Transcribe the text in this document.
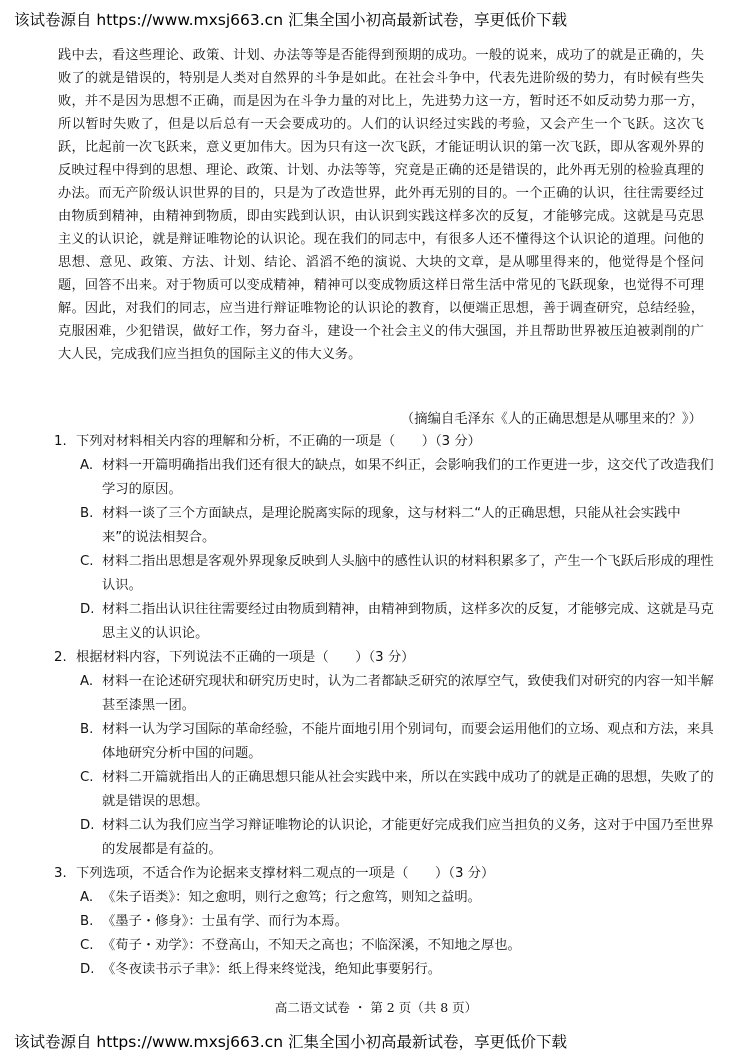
该试卷源自 https://www.mxsj663.cn 汇集全国小初高最新试卷，享更低价下载

践中去，看这些理论、政策、计划、办法等等是否能得到预期的成功。一般的说来，成功了的就是正确的，失败了的就是错误的，特别是人类对自然界的斗争是如此。在社会斗争中，代表先进阶级的势力，有时候有些失败，并不是因为思想不正确，而是因为在斗争力量的对比上，先进势力这一方，暂时还不如反动势力那一方，所以暂时失败了，但是以后总有一天会要成功的。人们的认识经过实践的考验，又会产生一个飞跃。这次飞跃，比起前一次飞跃来，意义更加伟大。因为只有这一次飞跃，才能证明认识的第一次飞跃，即从客观外界的反映过程中得到的思想、理论、政策、计划、办法等等，究竟是正确的还是错误的，此外再无别的检验真理的办法。而无产阶级认识世界的目的，只是为了改造世界，此外再无别的目的。一个正确的认识，往往需要经过由物质到精神，由精神到物质，即由实践到认识，由认识到实践这样多次的反复，才能够完成。这就是马克思主义的认识论，就是辩证唯物论的认识论。现在我们的同志中，有很多人还不懂得这个认识论的道理。问他的思想、意见、政策、方法、计划、结论、滔滔不绝的演说、大块的文章，是从哪里得来的，他觉得是个怪问题，回答不出来。对于物质可以变成精神，精神可以变成物质这样日常生活中常见的飞跃现象，也觉得不可理解。因此，对我们的同志，应当进行辩证唯物论的认识论的教育，以便端正思想，善于调查研究，总结经验，克服困难，少犯错误，做好工作，努力奋斗，建设一个社会主义的伟大强国，并且帮助世界被压迫被剥削的广大人民，完成我们应当担负的国际主义的伟大义务。

（摘编自毛泽东《人的正确思想是从哪里来的？》）
1. 下列对材料相关内容的理解和分析，不正确的一项是（　　）（3 分）
A. 材料一开篇明确指出我们还有很大的缺点，如果不纠正，会影响我们的工作更进一步，这交代了改造我们学习的原因。
B. 材料一谈了三个方面缺点，是理论脱离实际的现象，这与材料二“人的正确思想，只能从社会实践中来”的说法相契合。
C. 材料二指出思想是客观外界现象反映到人头脑中的感性认识的材料积累多了，产生一个飞跃后形成的理性认识。
D. 材料二指出认识往往需要经过由物质到精神，由精神到物质，这样多次的反复，才能够完成、这就是马克思主义的认识论。
2. 根据材料内容，下列说法不正确的一项是（　　）（3 分）
A. 材料一在论述研究现状和研究历史时，认为二者都缺乏研究的浓厚空气，致使我们对研究的内容一知半解甚至漆黑一团。
B. 材料一认为学习国际的革命经验，不能片面地引用个别词句，而要会运用他们的立场、观点和方法，来具体地研究分析中国的问题。
C. 材料二开篇就指出人的正确思想只能从社会实践中来，所以在实践中成功了的就是正确的思想，失败了的就是错误的思想。
D. 材料二认为我们应当学习辩证唯物论的认识论，才能更好完成我们应当担负的义务，这对于中国乃至世界的发展都是有益的。
3. 下列选项，不适合作为论据来支撑材料二观点的一项是（　　）（3 分）
A. 《朱子语类》：知之愈明，则行之愈笃；行之愈笃，则知之益明。
B. 《墨子・修身》：士虽有学、而行为本焉。
C. 《荀子・劝学》：不登高山，不知天之高也；不临深溪，不知地之厚也。
D. 《冬夜读书示子聿》：纸上得来终觉浅，绝知此事要躬行。
高二语文试卷 ・ 第 2 页（共 8 页）
该试卷源自 https://www.mxsj663.cn 汇集全国小初高最新试卷，享更低价下载
